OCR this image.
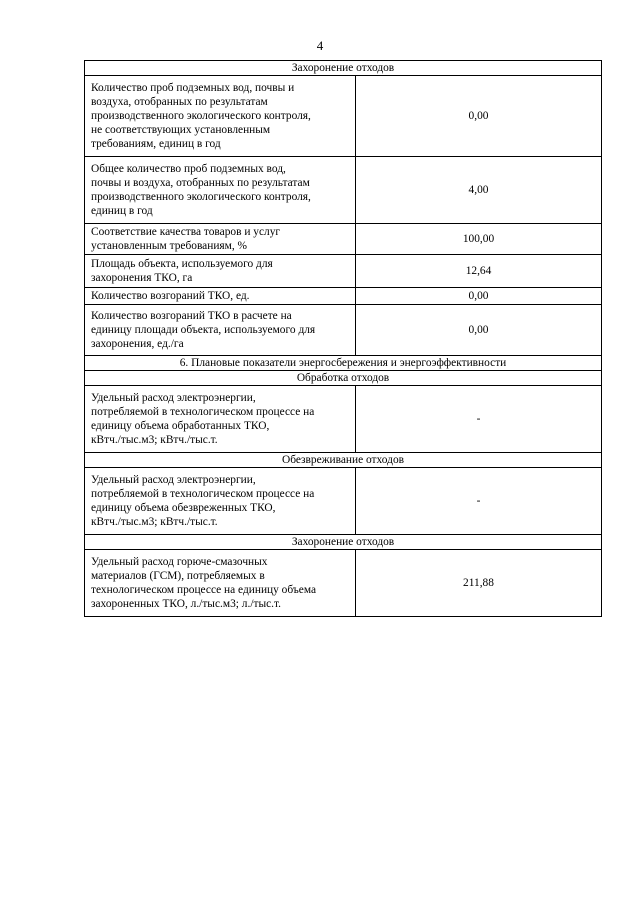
4
Захоронение отходов	

Количество проб подземных вод, почвы и
воздуха, отобранных по результатам
производственного экологического контроля,
не соответствующих установленным
требованиям, единиц в год	0,00

Общее количество проб подземных вод,
почвы и воздуха, отобранных по результатам
производственного экологического контроля,
единиц в год	4,00

Соответствие качества товаров и услуг
установленным требованиям, %	100,00

Площадь объекта, используемого для
захоронения ТКО, га	12,64

Количество возгораний ТКО, ед.	0,00

Количество возгораний ТКО в расчете на
единицу площади объекта, используемого для
захоронения, ед./га	0,00
6. Плановые показатели энергосбережения и энергоэффективности	
Обработка отходов	

Удельный расход электроэнергии,
потребляемой в технологическом процессе на
единицу объема обработанных ТКО,
кВтч./тыс.м3; кВтч./тыс.т.	-
Обезвреживание отходов	

Удельный расход электроэнергии,
потребляемой в технологическом процессе на
единицу объема обезвреженных ТКО,
кВтч./тыс.м3; кВтч./тыс.т.	-
Захоронение отходов	

Удельный расход горюче-смазочных
материалов (ГСМ), потребляемых в
технологическом процессе на единицу объема
захороненных ТКО, л./тыс.м3; л./тыс.т.	211,88
